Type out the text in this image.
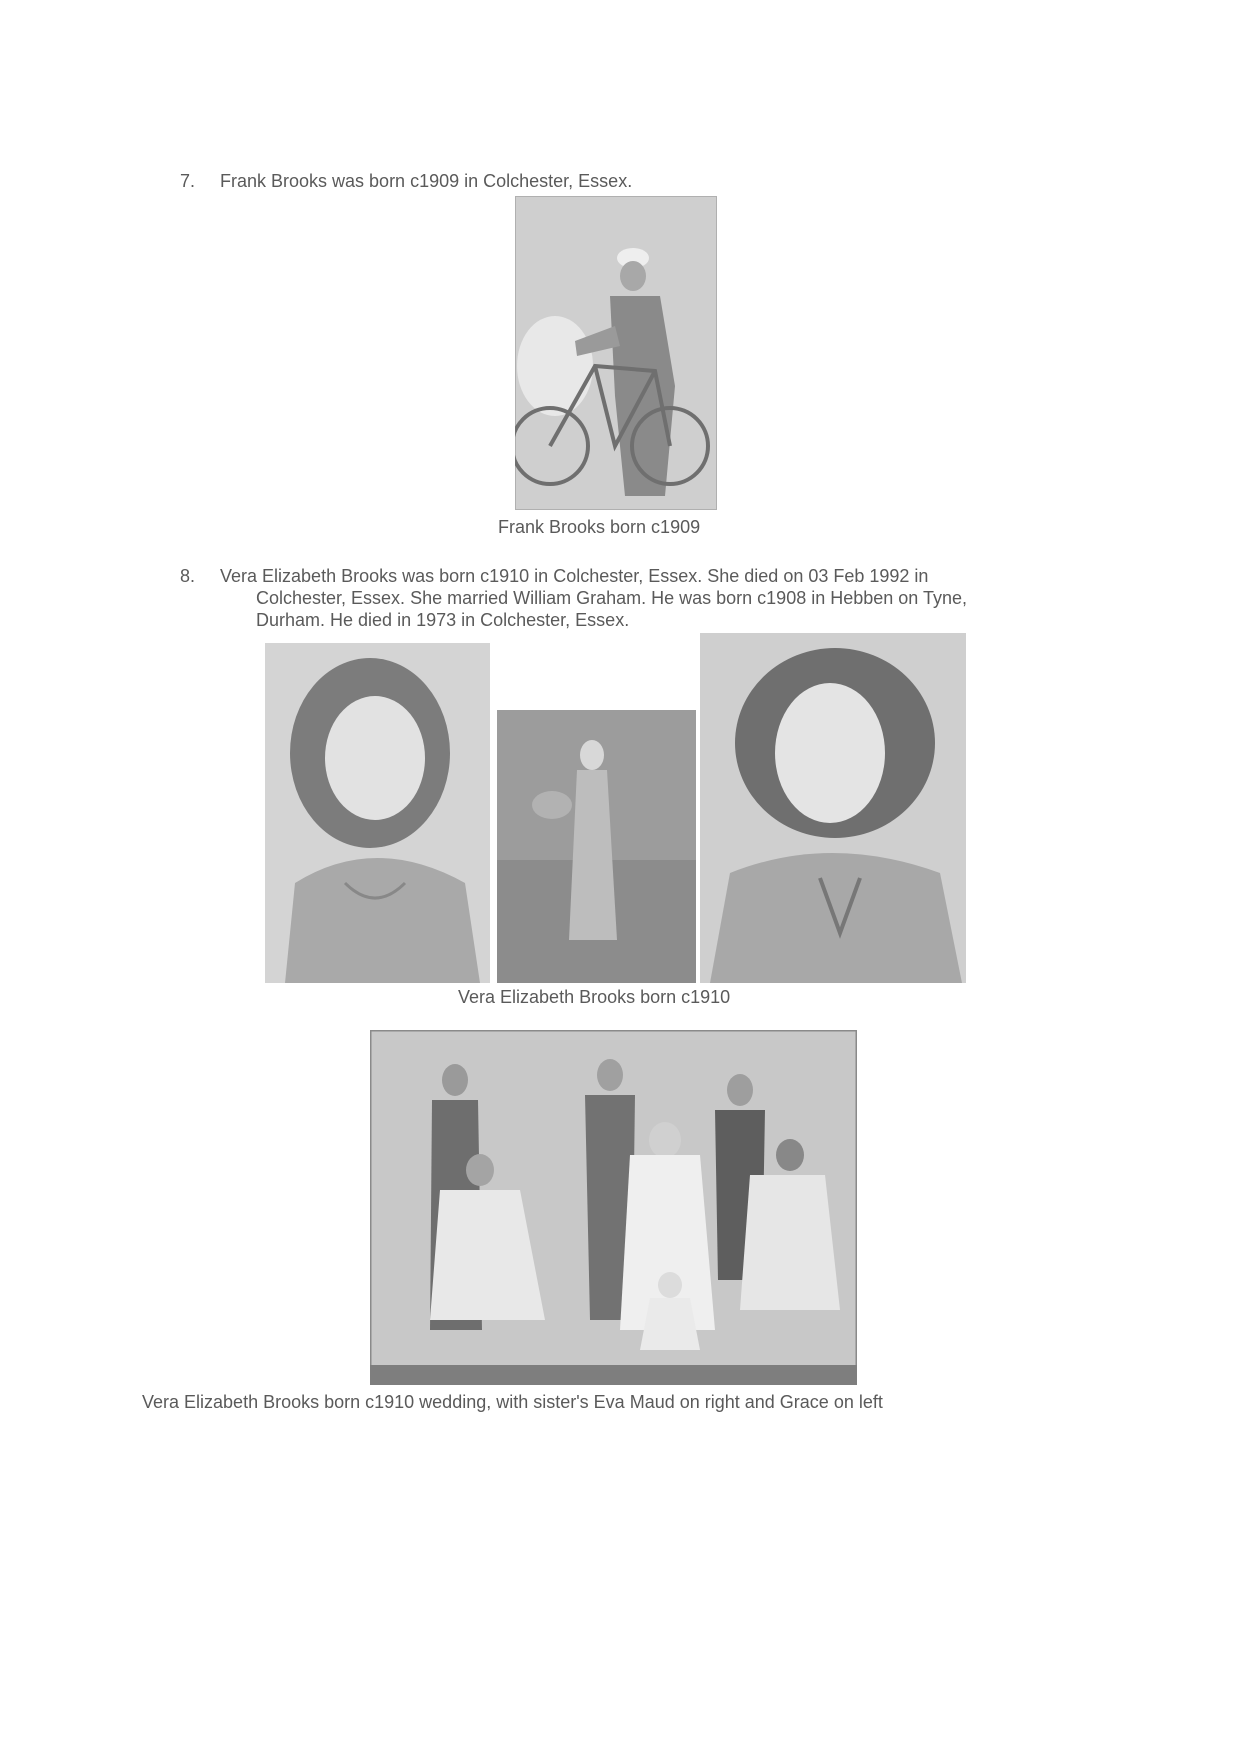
7. Frank Brooks was born c1909 in Colchester, Essex.
Frank Brooks born c1909
8. Vera Elizabeth Brooks was born c1910 in Colchester, Essex. She died on 03 Feb 1992 in
Colchester, Essex. She married William Graham. He was born c1908 in Hebben on Tyne,
Durham. He died in 1973 in Colchester, Essex.
Vera Elizabeth Brooks born c1910
Vera Elizabeth Brooks born c1910 wedding, with sister's Eva Maud on right and Grace on left
